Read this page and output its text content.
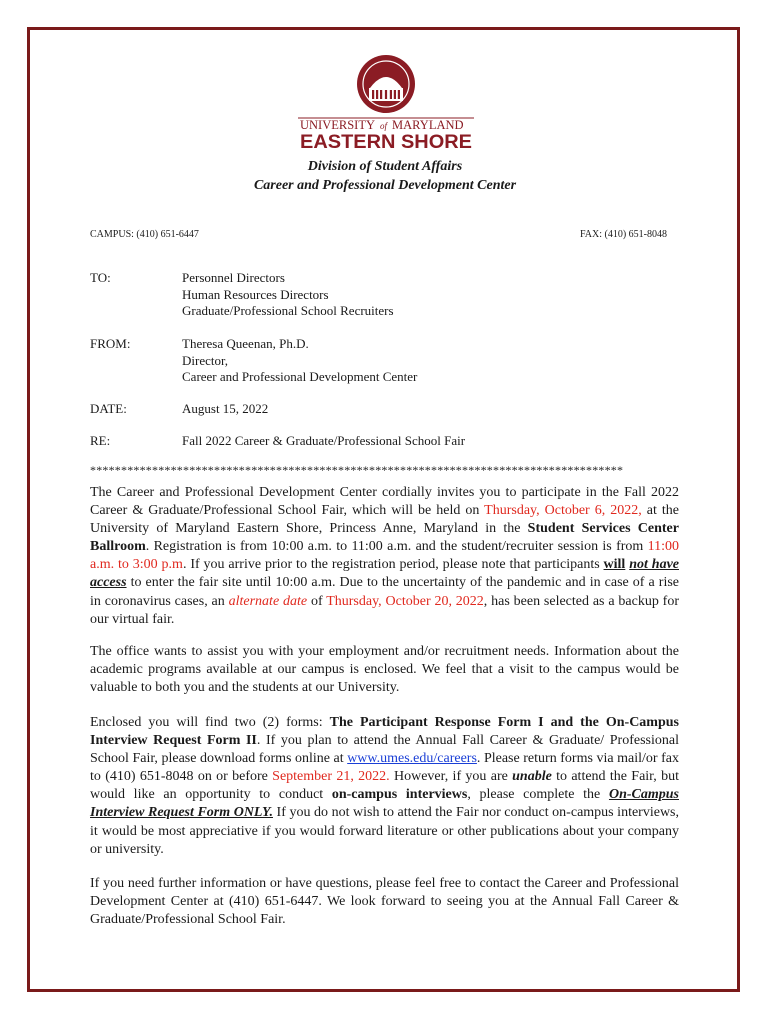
UNIVERSITY of MARYLAND
EASTERN SHORE
Division of Student Affairs
Career and Professional Development Center
CAMPUS: (410) 651-6447	FAX: (410) 651-8048
TO:	Personnel Directors
Human Resources Directors
Graduate/Professional School Recruiters
FROM:	Theresa Queenan, Ph.D.
Director,
Career and Professional Development Center
DATE:	August 15, 2022
RE:	Fall 2022 Career & Graduate/Professional School Fair
**************************************************************************************
The Career and Professional Development Center cordially invites you to participate in the Fall 2022 Career & Graduate/Professional School Fair, which will be held on Thursday, October 6, 2022, at the University of Maryland Eastern Shore, Princess Anne, Maryland in the Student Services Center Ballroom. Registration is from 10:00 a.m. to 11:00 a.m. and the student/recruiter session is from 11:00 a.m. to 3:00 p.m. If you arrive prior to the registration period, please note that participants will not have access to enter the fair site until 10:00 a.m. Due to the uncertainty of the pandemic and in case of a rise in coronavirus cases, an alternate date of Thursday, October 20, 2022, has been selected as a backup for our virtual fair.
The office wants to assist you with your employment and/or recruitment needs. Information about the academic programs available at our campus is enclosed. We feel that a visit to the campus would be valuable to both you and the students at our University.
Enclosed you will find two (2) forms: The Participant Response Form I and the On-Campus Interview Request Form II. If you plan to attend the Annual Fall Career & Graduate/ Professional School Fair, please download forms online at www.umes.edu/careers. Please return forms via mail/or fax to (410) 651-8048 on or before September 21, 2022. However, if you are unable to attend the Fair, but would like an opportunity to conduct on-campus interviews, please complete the On-Campus Interview Request Form ONLY. If you do not wish to attend the Fair nor conduct on-campus interviews, it would be most appreciative if you would forward literature or other publications about your company or university.
If you need further information or have questions, please feel free to contact the Career and Professional Development Center at (410) 651-6447. We look forward to seeing you at the Annual Fall Career & Graduate/Professional School Fair.
